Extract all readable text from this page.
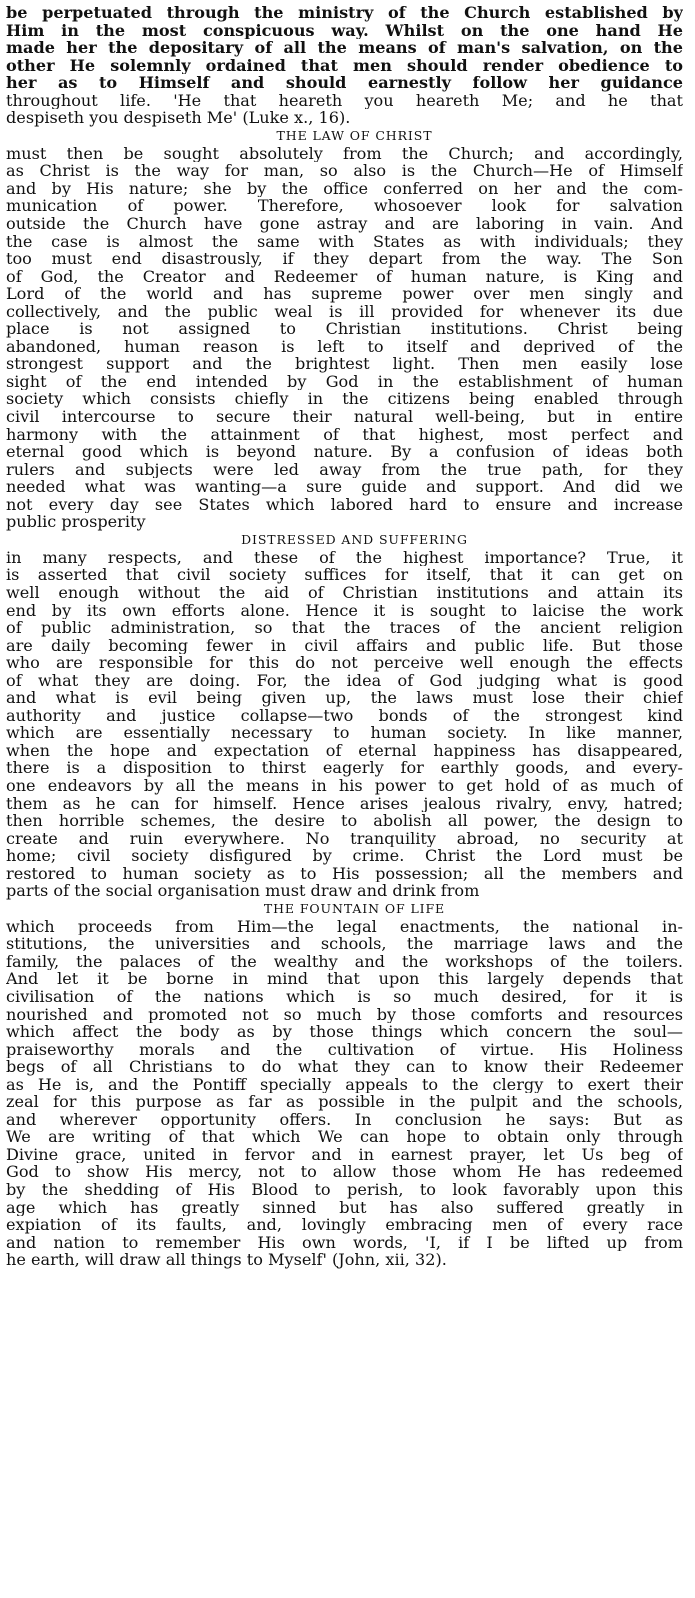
be perpetuated through the ministry of the Church established by
Him in the most conspicuous way. Whilst on the one hand He
made her the depositary of all the means of man's salvation, on the
other He solemnly ordained that men should render obedience to
her as to Himself and should earnestly follow her guidance
throughout life. 'He that heareth you heareth Me; and he that
despiseth you despiseth Me' (Luke x., 16).
THE LAW OF CHRIST
must then be sought absolutely from the Church; and accordingly,
as Christ is the way for man, so also is the Church—He of Himself
and by His nature; she by the office conferred on her and the com-
munication of power. Therefore, whosoever look for salvation
outside the Church have gone astray and are laboring in vain. And
the case is almost the same with States as with individuals; they
too must end disastrously, if they depart from the way. The Son
of God, the Creator and Redeemer of human nature, is King and
Lord of the world and has supreme power over men singly and
collectively, and the public weal is ill provided for whenever its due
place is not assigned to Christian institutions. Christ being
abandoned, human reason is left to itself and deprived of the
strongest support and the brightest light. Then men easily lose
sight of the end intended by God in the establishment of human
society which consists chiefly in the citizens being enabled through
civil intercourse to secure their natural well-being, but in entire
harmony with the attainment of that highest, most perfect and
eternal good which is beyond nature. By a confusion of ideas both
rulers and subjects were led away from the true path, for they
needed what was wanting—a sure guide and support. And did we
not every day see States which labored hard to ensure and increase
public prosperity
DISTRESSED AND SUFFERING
in many respects, and these of the highest importance? True, it
is asserted that civil society suffices for itself, that it can get on
well enough without the aid of Christian institutions and attain its
end by its own efforts alone. Hence it is sought to laicise the work
of public administration, so that the traces of the ancient religion
are daily becoming fewer in civil affairs and public life. But those
who are responsible for this do not perceive well enough the effects
of what they are doing. For, the idea of God judging what is good
and what is evil being given up, the laws must lose their chief
authority and justice collapse—two bonds of the strongest kind
which are essentially necessary to human society. In like manner,
when the hope and expectation of eternal happiness has disappeared,
there is a disposition to thirst eagerly for earthly goods, and every-
one endeavors by all the means in his power to get hold of as much of
them as he can for himself. Hence arises jealous rivalry, envy, hatred;
then horrible schemes, the desire to abolish all power, the design to
create and ruin everywhere. No tranquility abroad, no security at
home; civil society disfigured by crime. Christ the Lord must be
restored to human society as to His possession; all the members and
parts of the social organisation must draw and drink from
THE FOUNTAIN OF LIFE
which proceeds from Him—the legal enactments, the national in-
stitutions, the universities and schools, the marriage laws and the
family, the palaces of the wealthy and the workshops of the toilers.
And let it be borne in mind that upon this largely depends that
civilisation of the nations which is so much desired, for it is
nourished and promoted not so much by those comforts and resources
which affect the body as by those things which concern the soul—
praiseworthy morals and the cultivation of virtue. His Holiness
begs of all Christians to do what they can to know their Redeemer
as He is, and the Pontiff specially appeals to the clergy to exert their
zeal for this purpose as far as possible in the pulpit and the schools,
and wherever opportunity offers. In conclusion he says: But as
We are writing of that which We can hope to obtain only through
Divine grace, united in fervor and in earnest prayer, let Us beg of
God to show His mercy, not to allow those whom He has redeemed
by the shedding of His Blood to perish, to look favorably upon this
age which has greatly sinned but has also suffered greatly in
expiation of its faults, and, lovingly embracing men of every race
and nation to remember His own words, 'I, if I be lifted up from
he earth, will draw all things to Myself' (John, xii, 32).
